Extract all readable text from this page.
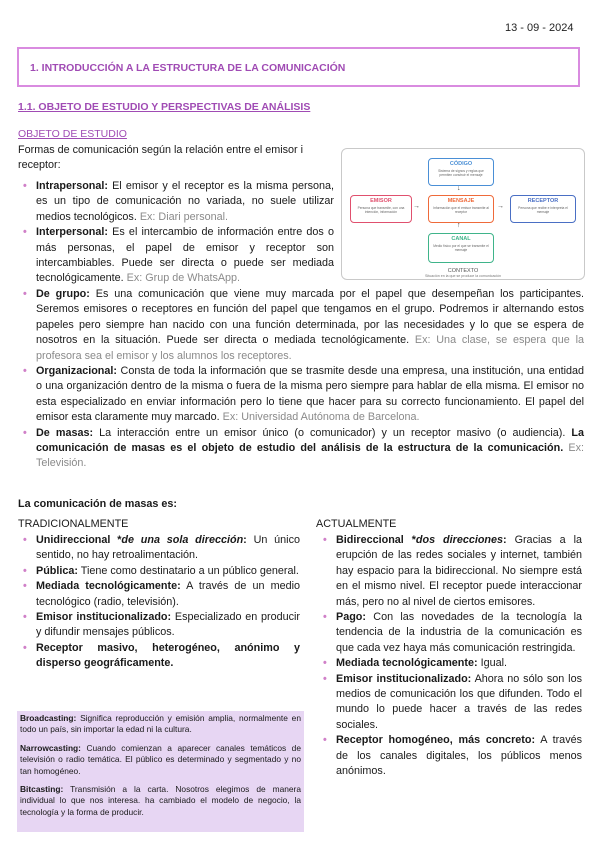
13 - 09 - 2024
1. INTRODUCCIÓN A LA ESTRUCTURA DE LA COMUNICACIÓN
1.1. OBJETO DE ESTUDIO Y PERSPECTIVAS DE ANÁLISIS
OBJETO DE ESTUDIO
Formas de comunicación según la relación entre el emisor i receptor:	CÓDIGO
Sistema de signos y reglas que permiten construir el mensaje
↓
EMISOR
Persona que transmite, con una intención, información
→
MENSAJE
Información que el emisor transmite al receptor
→
RECEPTOR
Persona que recibe e interpreta el mensaje
↑
CANAL
Medio físico por el que se transmite el mensaje
CONTEXTO
Situación en la que se produce la comunicación
• Intrapersonal: El emisor y el receptor es la misma persona, es un tipo de comunicación no variada, no suele utilizar medios tecnológicos. Ex: Diari personal.
• Interpersonal: Es el intercambio de información entre dos o más personas, el papel de emisor y receptor son intercambiables. Puede ser directa o puede ser mediada tecnológicamente. Ex: Grup de WhatsApp.
• De grupo: Es una comunicación que viene muy marcada por el papel que desempeñan los participantes. Seremos emisores o receptores en función del papel que tengamos en el grupo. Podremos ir alternando estos papeles pero siempre han nacido con una función determinada, por las necesidades y lo que se espera de nosotros en la situación. Puede ser directa o mediada tecnológicamente. Ex: Una clase, se espera que la profesora sea el emisor y los alumnos los receptores.
• Organizacional: Consta de toda la información que se trasmite desde una empresa, una institución, una entidad o una organización dentro de la misma o fuera de la misma pero siempre para hablar de ella misma. El emisor no esta especializado en enviar información pero lo tiene que hacer para su correcto funcionamiento. El papel del emisor esta claramente muy marcado. Ex: Universidad Autónoma de Barcelona.
• De masas: La interacción entre un emisor único (o comunicador) y un receptor masivo (o audiencia). La comunicación de masas es el objeto de estudio del análisis de la estructura de la comunicación. Ex: Televisión.
La comunicación de masas es:
TRADICIONALMENTE
• Unidireccional *de una sola dirección: Un único sentido, no hay retroalimentación.
• Pública: Tiene como destinatario a un público general.
• Mediada tecnológicamente: A través de un medio tecnológico (radio, televisión).
• Emisor institucionalizado: Especializado en producir y difundir mensajes públicos.
• Receptor masivo, heterogéneo, anónimo y disperso geográficamente.
ACTUALMENTE
• Bidireccional *dos direcciones: Gracias a la erupción de las redes sociales y internet, también hay espacio para la bidireccional. No siempre está en el mismo nivel. El receptor puede interaccionar más, pero no al nivel de ciertos emisores.
• Pago: Con las novedades de la tecnología la tendencia de la industria de la comunicación es que cada vez haya más comunicación restringida.
• Mediada tecnológicamente: Igual.
• Emisor institucionalizado: Ahora no sólo son los medios de comunicación los que difunden. Todo el mundo lo puede hacer a través de las redes sociales.
• Receptor homogéneo, más concreto: A través de los canales digitales, los públicos menos anónimos.

Broadcasting: Significa reproducción y emisión amplia, normalmente en todo un país, sin importar la edad ni la cultura.

Narrowcasting: Cuando comienzan a aparecer canales temáticos de televisión o radio temática. El público es determinado y segmentado y no tan homogéneo.

Bitcasting: Transmisión a la carta. Nosotros elegimos de manera individual lo que nos interesa. ha cambiado el modelo de negocio, la tecnología y la forma de producir.
